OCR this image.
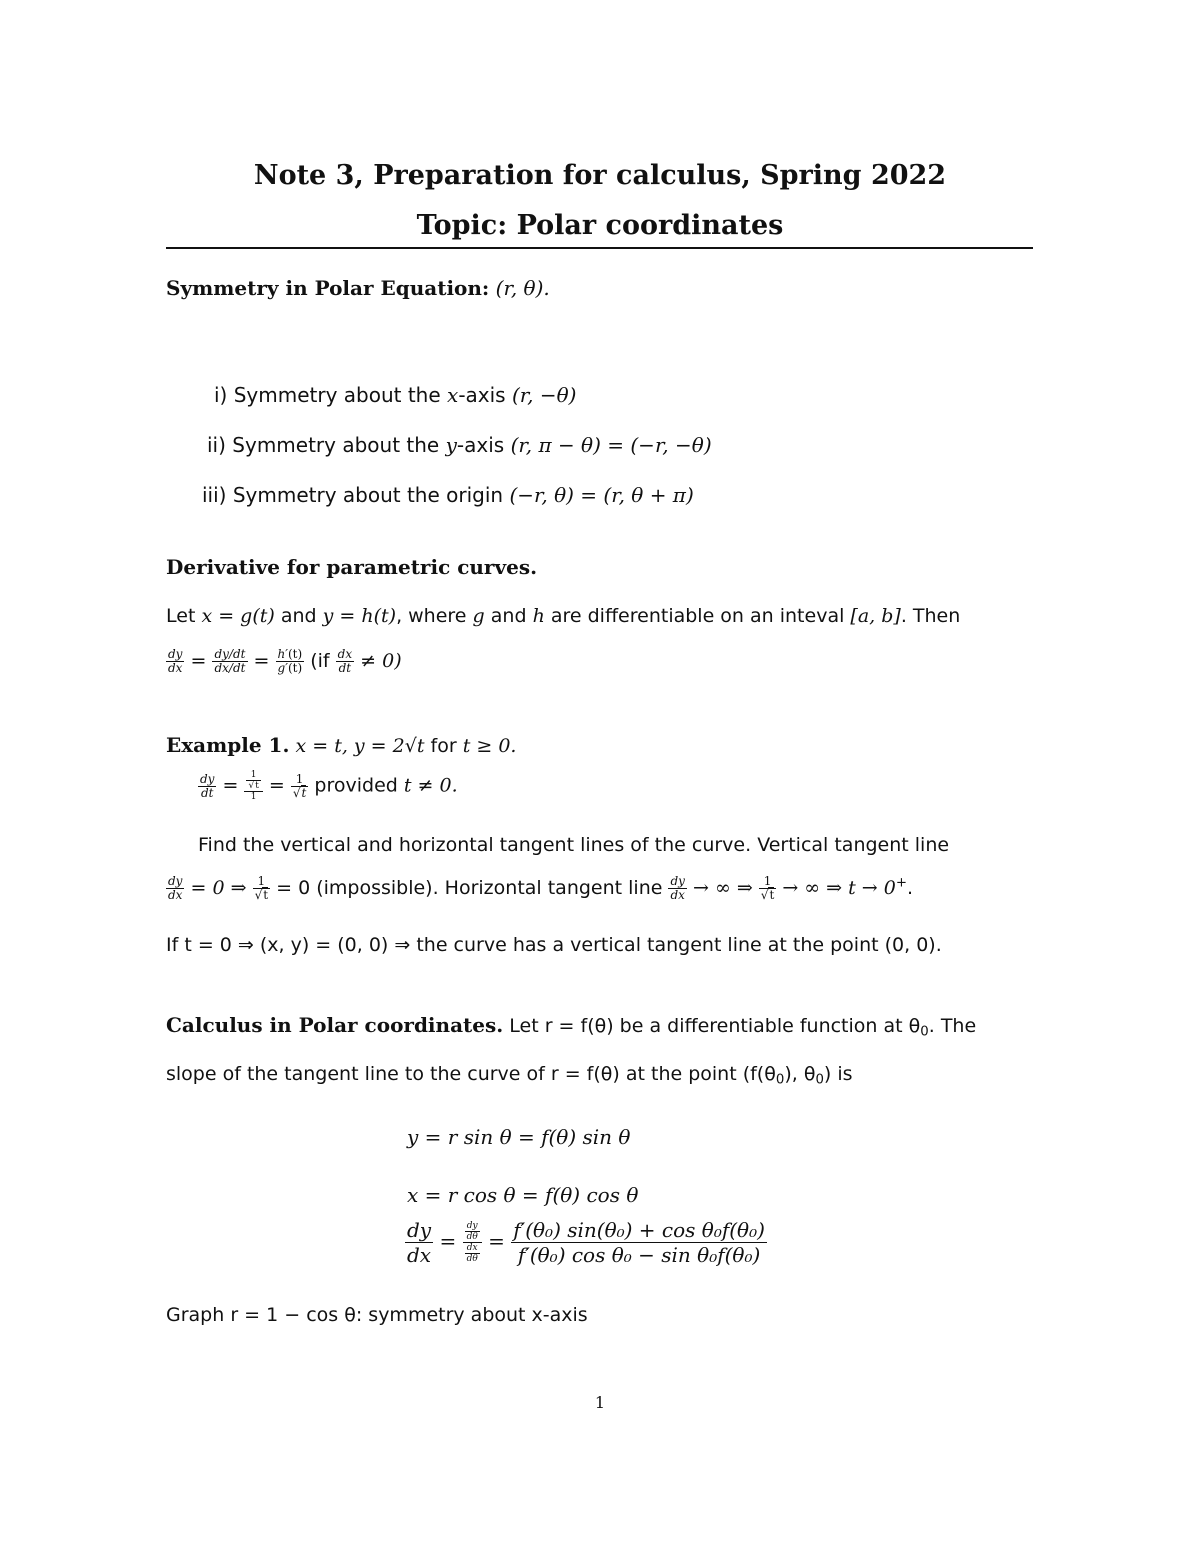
Note 3, Preparation for calculus, Spring 2022
Topic: Polar coordinates
Symmetry in Polar Equation: (r, θ).
i) Symmetry about the x-axis (r, −θ)
ii) Symmetry about the y-axis (r, π − θ) = (−r, −θ)
iii) Symmetry about the origin (−r, θ) = (r, θ + π)
Derivative for parametric curves.
Let x = g(t) and y = h(t), where g and h are differentiable on an inteval [a, b]. Then
$\frac{dy}{dx} = \frac{dy/dt}{dx/dt} = \frac{h'(t)}{g'(t)} (if \frac{dx}{dt} \ne 0)$
Example 1. x = t, y = 2√t for t ≥ 0.
$\frac{dy}{dt} = \frac{\frac{1}{√t}}{1} = \frac{1}{√t}$ provided t ≠ 0.
Find the vertical and horizontal tangent lines of the curve. Vertical tangent line
$\frac{dy}{dx} = 0$ ⇒ $\frac{1}{√t} = 0$ (impossible). Horizontal tangent line $\frac{dy}{dx}$ → ∞ ⇒ $\frac{1}{√t}$ → ∞ ⇒ t → 0+.
If t = 0 ⇒ (x, y) = (0, 0) ⇒ the curve has a vertical tangent line at the point (0, 0).
Calculus in Polar coordinates. Let r = f(θ) be a differentiable function at $\theta_0$. The
slope of the tangent line to the curve of r = f(θ) at the point ($f(\theta_0)$, $\theta_0$) is
y = r sin θ = f(θ) sin θ
x = r cos θ = f(θ) cos θ
$\frac{dy}{dx} = \frac{\frac{dy}{d\theta}}{\frac{dx}{d\theta}} = \frac{\text{f′(θ₀) sin(θ₀) + cos θ₀f(θ₀)}}{\text{f′(θ₀) cos θ₀ − sin θ₀f(θ₀)}}$
Graph r = 1 − cos θ: symmetry about x-axis
1
